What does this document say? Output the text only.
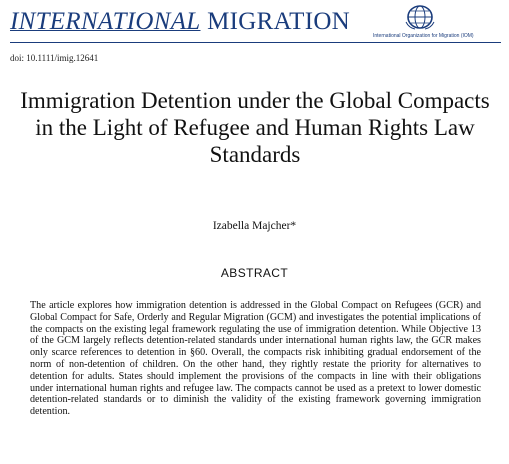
INTERNATIONAL MIGRATION
International Organization for Migration (IOM)
doi: 10.1111/imig.12641
Immigration Detention under the Global Compacts in the Light of Refugee and Human Rights Law Standards
Izabella Majcher*
ABSTRACT
The article explores how immigration detention is addressed in the Global Compact on Refugees (GCR) and Global Compact for Safe, Orderly and Regular Migration (GCM) and investigates the potential implications of the compacts on the existing legal framework regulating the use of immigration detention. While Objective 13 of the GCM largely reflects detention-related standards under international human rights law, the GCR makes only scarce references to detention in §60. Overall, the compacts risk inhibiting gradual endorsement of the norm of non-detention of children. On the other hand, they rightly restate the priority for alternatives to detention for adults. States should implement the provisions of the compacts in line with their obligations under international human rights and refugee law. The compacts cannot be used as a pretext to lower domestic detention-related standards or to diminish the validity of the existing framework governing immigration detention.
